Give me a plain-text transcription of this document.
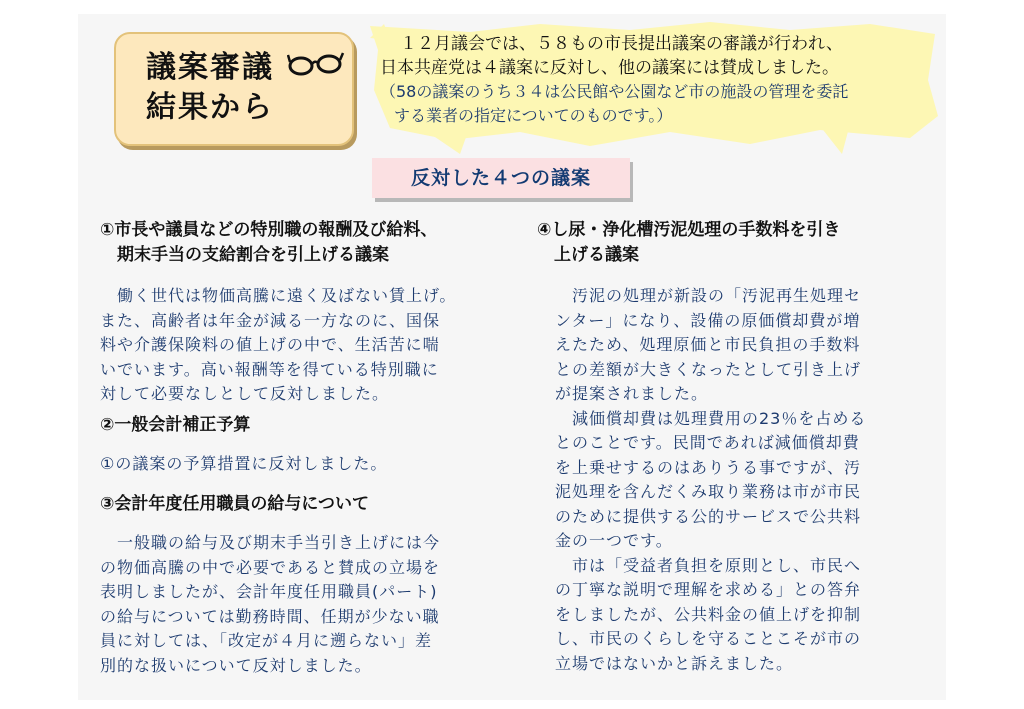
議案審議
結果から
１２月議会では、５８もの市長提出議案の審議が行われ、
日本共産党は４議案に反対し、他の議案には賛成しました。
（58の議案のうち３４は公民館や公園など市の施設の管理を委託
する業者の指定についてのものです。）
反対した４つの議案
①市長や議員などの特別職の報酬及び給料、
　期末手当の支給割合を引上げる議案
　働く世代は物価高騰に遠く及ばない賃上げ。
また、高齢者は年金が減る一方なのに、国保
料や介護保険料の値上げの中で、生活苦に喘
いでいます。高い報酬等を得ている特別職に
対して必要なしとして反対しました。
②一般会計補正予算
①の議案の予算措置に反対しました。
③会計年度任用職員の給与について
　一般職の給与及び期末手当引き上げには今
の物価高騰の中で必要であると賛成の立場を
表明しましたが、会計年度任用職員(パート)
の給与については勤務時間、任期が少ない職
員に対しては、「改定が４月に遡らない」差
別的な扱いについて反対しました。
④し尿・浄化槽汚泥処理の手数料を引き
　上げる議案
　汚泥の処理が新設の「汚泥再生処理セ
ンター」になり、設備の原価償却費が増
えたため、処理原価と市民負担の手数料
との差額が大きくなったとして引き上げ
が提案されました。
　減価償却費は処理費用の23％を占める
とのことです。民間であれば減価償却費
を上乗せするのはありうる事ですが、汚
泥処理を含んだくみ取り業務は市が市民
のために提供する公的サービスで公共料
金の一つです。
　市は「受益者負担を原則とし、市民へ
の丁寧な説明で理解を求める」との答弁
をしましたが、公共料金の値上げを抑制
し、市民のくらしを守ることこそが市の
立場ではないかと訴えました。
